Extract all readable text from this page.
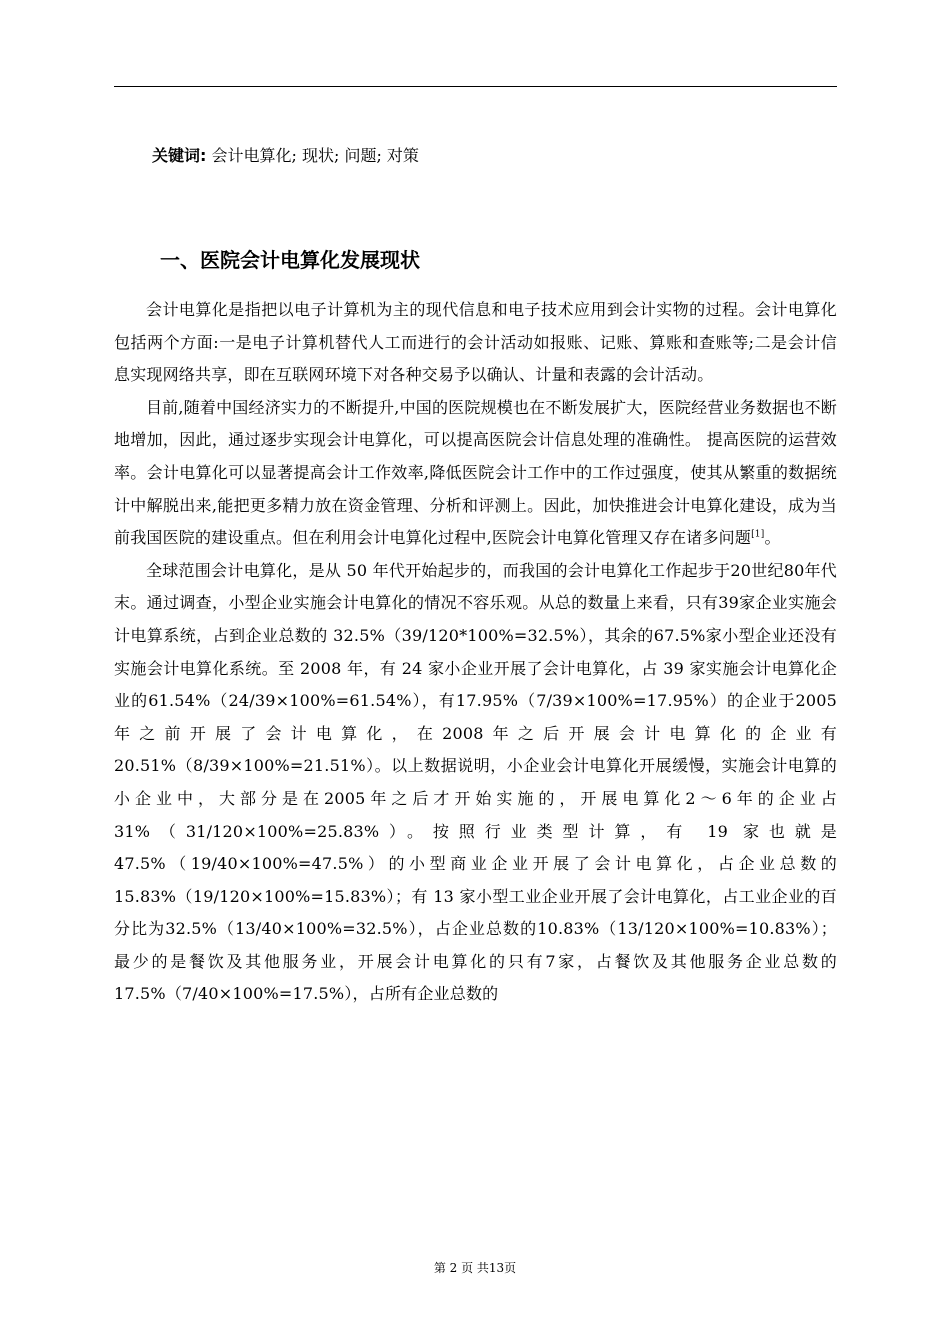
关键词: 会计电算化; 现状; 问题; 对策
一、医院会计电算化发展现状

会计电算化是指把以电子计算机为主的现代信息和电子技术应用到会计实物的过程。会计电算化包括两个方面:一是电子计算机替代人工而进行的会计活动如报账、记账、算账和查账等;二是会计信息实现网络共享，即在互联网环境下对各种交易予以确认、计量和表露的会计活动。

目前,随着中国经济实力的不断提升,中国的医院规模也在不断发展扩大，医院经营业务数据也不断地增加，因此，通过逐步实现会计电算化，可以提高医院会计信息处理的准确性。 提高医院的运营效率。会计电算化可以显著提高会计工作效率,降低医院会计工作中的工作过强度，使其从繁重的数据统计中解脱出来,能把更多精力放在资金管理、分析和评测上。因此，加快推进会计电算化建设，成为当前我国医院的建设重点。但在利用会计电算化过程中,医院会计电算化管理又存在诸多问题[1]。

全球范围会计电算化，是从 50 年代开始起步的，而我国的会计电算化工作起步于20世纪80年代末。通过调查，小型企业实施会计电算化的情况不容乐观。从总的数量上来看，只有39家企业实施会计电算系统，占到企业总数的 32.5%（39/120*100%=32.5%），其余的67.5%家小型企业还没有实施会计电算化系统。至 2008 年，有 24 家小企业开展了会计电算化，占 39 家实施会计电算化企业的61.54%（24/39×100%=61.54%），有17.95%（7/39×100%=17.95%）的企业于2005年之前开展了会计电算化，在2008年之后开展会计电算化的企业有20.51%（8/39×100%=21.51%）。以上数据说明，小企业会计电算化开展缓慢，实施会计电算的小企业中，大部分是在2005年之后才开始实施的，开展电算化2～6年的企业占31%（31/120×100%=25.83%）。按照行业类型计算，有 19 家也就是 47.5%（19/40×100%=47.5%）的小型商业企业开展了会计电算化，占企业总数的15.83%（19/120×100%=15.83%）；有 13 家小型工业企业开展了会计电算化，占工业企业的百分比为32.5%（13/40×100%=32.5%），占企业总数的10.83%（13/120×100%=10.83%）；最少的是餐饮及其他服务业，开展会计电算化的只有7家，占餐饮及其他服务企业总数的 17.5%（7/40×100%=17.5%），占所有企业总数的

第 2 页 共13页
